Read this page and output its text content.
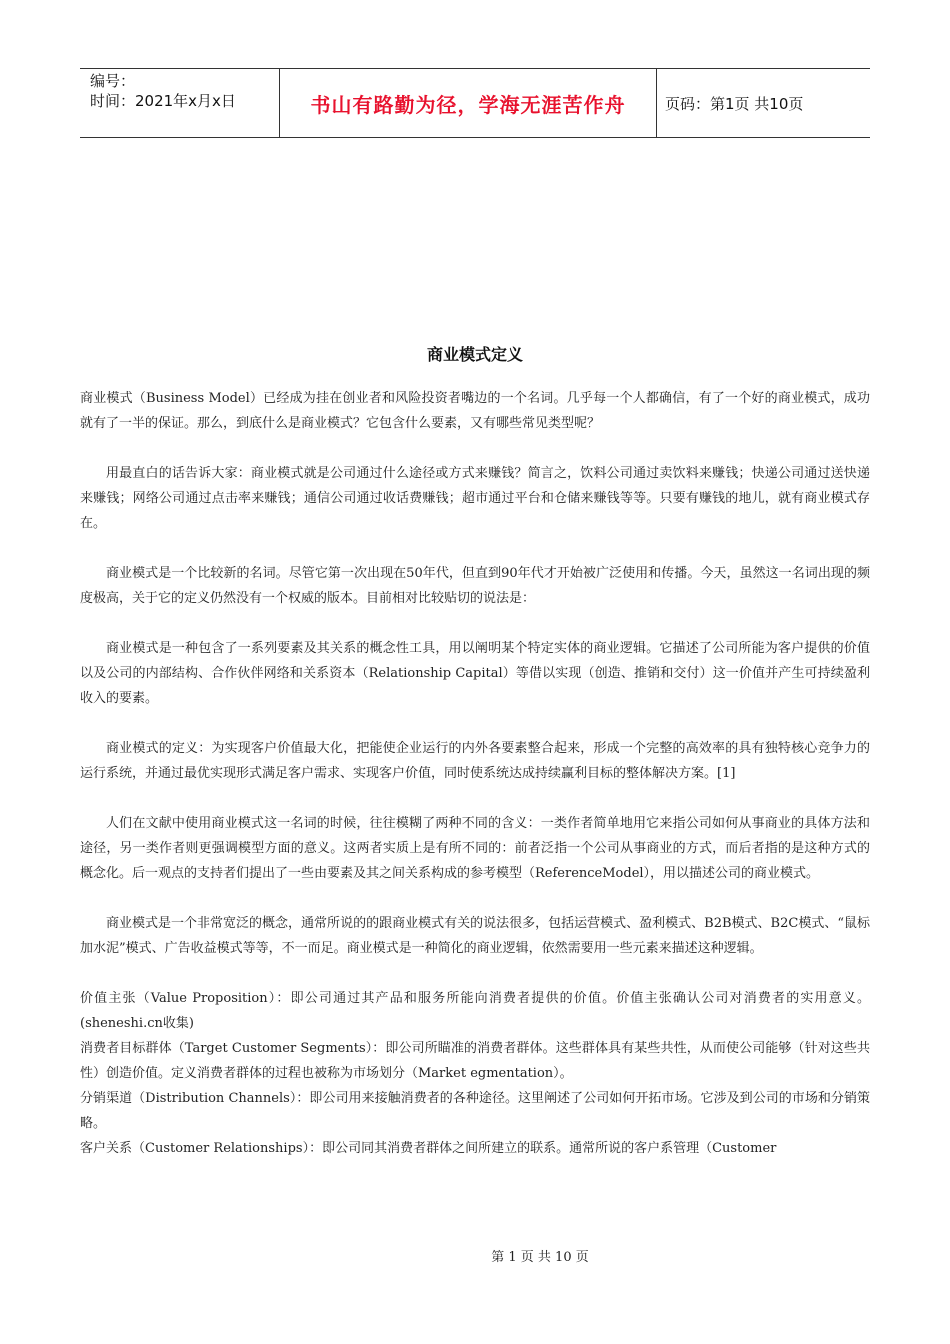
编号：
时间：2021年x月x日	书山有路勤为径，学海无涯苦作舟	页码：第1页 共10页
商业模式定义

商业模式（Business Model）已经成为挂在创业者和风险投资者嘴边的一个名词。几乎每一个人都确信，有了一个好的商业模式，成功就有了一半的保证。那么，到底什么是商业模式？它包含什么要素，又有哪些常见类型呢？

用最直白的话告诉大家：商业模式就是公司通过什么途径或方式来赚钱？简言之，饮料公司通过卖饮料来赚钱；快递公司通过送快递来赚钱；网络公司通过点击率来赚钱；通信公司通过收话费赚钱；超市通过平台和仓储来赚钱等等。只要有赚钱的地儿，就有商业模式存在。

商业模式是一个比较新的名词。尽管它第一次出现在50年代，但直到90年代才开始被广泛使用和传播。今天，虽然这一名词出现的频度极高，关于它的定义仍然没有一个权威的版本。目前相对比较贴切的说法是：

商业模式是一种包含了一系列要素及其关系的概念性工具，用以阐明某个特定实体的商业逻辑。它描述了公司所能为客户提供的价值以及公司的内部结构、合作伙伴网络和关系资本（Relationship Capital）等借以实现（创造、推销和交付）这一价值并产生可持续盈利收入的要素。

商业模式的定义：为实现客户价值最大化，把能使企业运行的内外各要素整合起来，形成一个完整的高效率的具有独特核心竞争力的运行系统，并通过最优实现形式满足客户需求、实现客户价值，同时使系统达成持续赢利目标的整体解决方案。[1]

人们在文献中使用商业模式这一名词的时候，往往模糊了两种不同的含义：一类作者简单地用它来指公司如何从事商业的具体方法和途径，另一类作者则更强调模型方面的意义。这两者实质上是有所不同的：前者泛指一个公司从事商业的方式，而后者指的是这种方式的概念化。后一观点的支持者们提出了一些由要素及其之间关系构成的参考模型（ReferenceModel），用以描述公司的商业模式。

商业模式是一个非常宽泛的概念，通常所说的的跟商业模式有关的说法很多，包括运营模式、盈利模式、B2B模式、B2C模式、“鼠标加水泥”模式、广告收益模式等等，不一而足。商业模式是一种简化的商业逻辑，依然需要用一些元素来描述这种逻辑。

价值主张（Value Proposition）：即公司通过其产品和服务所能向消费者提供的价值。价值主张确认公司对消费者的实用意义。(sheneshi.cn收集)

消费者目标群体（Target Customer Segments）：即公司所瞄准的消费者群体。这些群体具有某些共性，从而使公司能够（针对这些共性）创造价值。定义消费者群体的过程也被称为市场划分（Market egmentation）。

分销渠道（Distribution Channels）：即公司用来接触消费者的各种途径。这里阐述了公司如何开拓市场。它涉及到公司的市场和分销策略。

客户关系（Customer Relationships）：即公司同其消费者群体之间所建立的联系。通常所说的客户系管理（Customer

第 1 页 共 10 页
